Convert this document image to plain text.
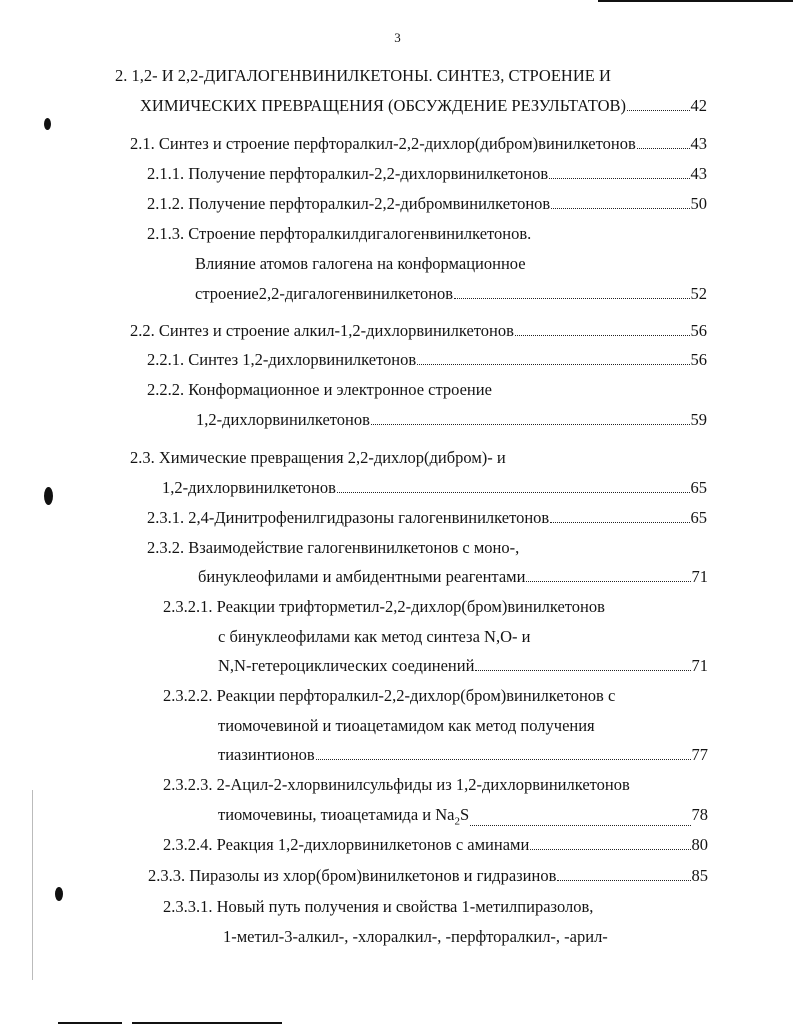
3
2. 1,2- И 2,2-ДИГАЛОГЕНВИНИЛКЕТОНЫ. СИНТЕЗ, СТРОЕНИЕ И
ХИМИЧЕСКИХ ПРЕВРАЩЕНИЯ (ОБСУЖДЕНИЕ РЕЗУЛЬТАТОВ)	42
2.1. Синтез и строение перфторалкил-2,2-дихлор(дибром)винилкетонов	43
2.1.1. Получение перфторалкил-2,2-дихлорвинилкетонов	43
2.1.2. Получение перфторалкил-2,2-дибромвинилкетонов	50
2.1.3. Строение перфторалкилдигалогенвинилкетонов.
Влияние атомов галогена на конформационное
строение2,2-дигалогенвинилкетонов	52
2.2. Синтез и строение алкил-1,2-дихлорвинилкетонов	56
2.2.1. Синтез 1,2-дихлорвинилкетонов	56
2.2.2. Конформационное и электронное строение
1,2-дихлорвинилкетонов	59
2.3. Химические превращения 2,2-дихлор(дибром)- и
1,2-дихлорвинилкетонов	65
2.3.1. 2,4-Динитрофенилгидразоны галогенвинилкетонов	65
2.3.2. Взаимодействие галогенвинилкетонов с моно-,
бинуклеофилами и амбидентными реагентами	71
2.3.2.1. Реакции трифторметил-2,2-дихлор(бром)винилкетонов
с бинуклеофилами как метод синтеза N,O- и
N,N-гетероциклических соединений	71
2.3.2.2. Реакции перфторалкил-2,2-дихлор(бром)винилкетонов с
тиомочевиной и тиоацетамидом как метод получения
тиазинтионов	77
2.3.2.3. 2-Ацил-2-хлорвинилсульфиды из 1,2-дихлорвинилкетонов
тиомочевины, тиоацетамида и $Na_2S$	78
2.3.2.4. Реакция 1,2-дихлорвинилкетонов с аминами	80
2.3.3. Пиразолы из хлор(бром)винилкетонов и гидразинов	85
2.3.3.1. Новый путь получения и свойства 1-метилпиразолов,
1-метил-3-алкил-, -хлоралкил-, -перфторалкил-, -арил-
